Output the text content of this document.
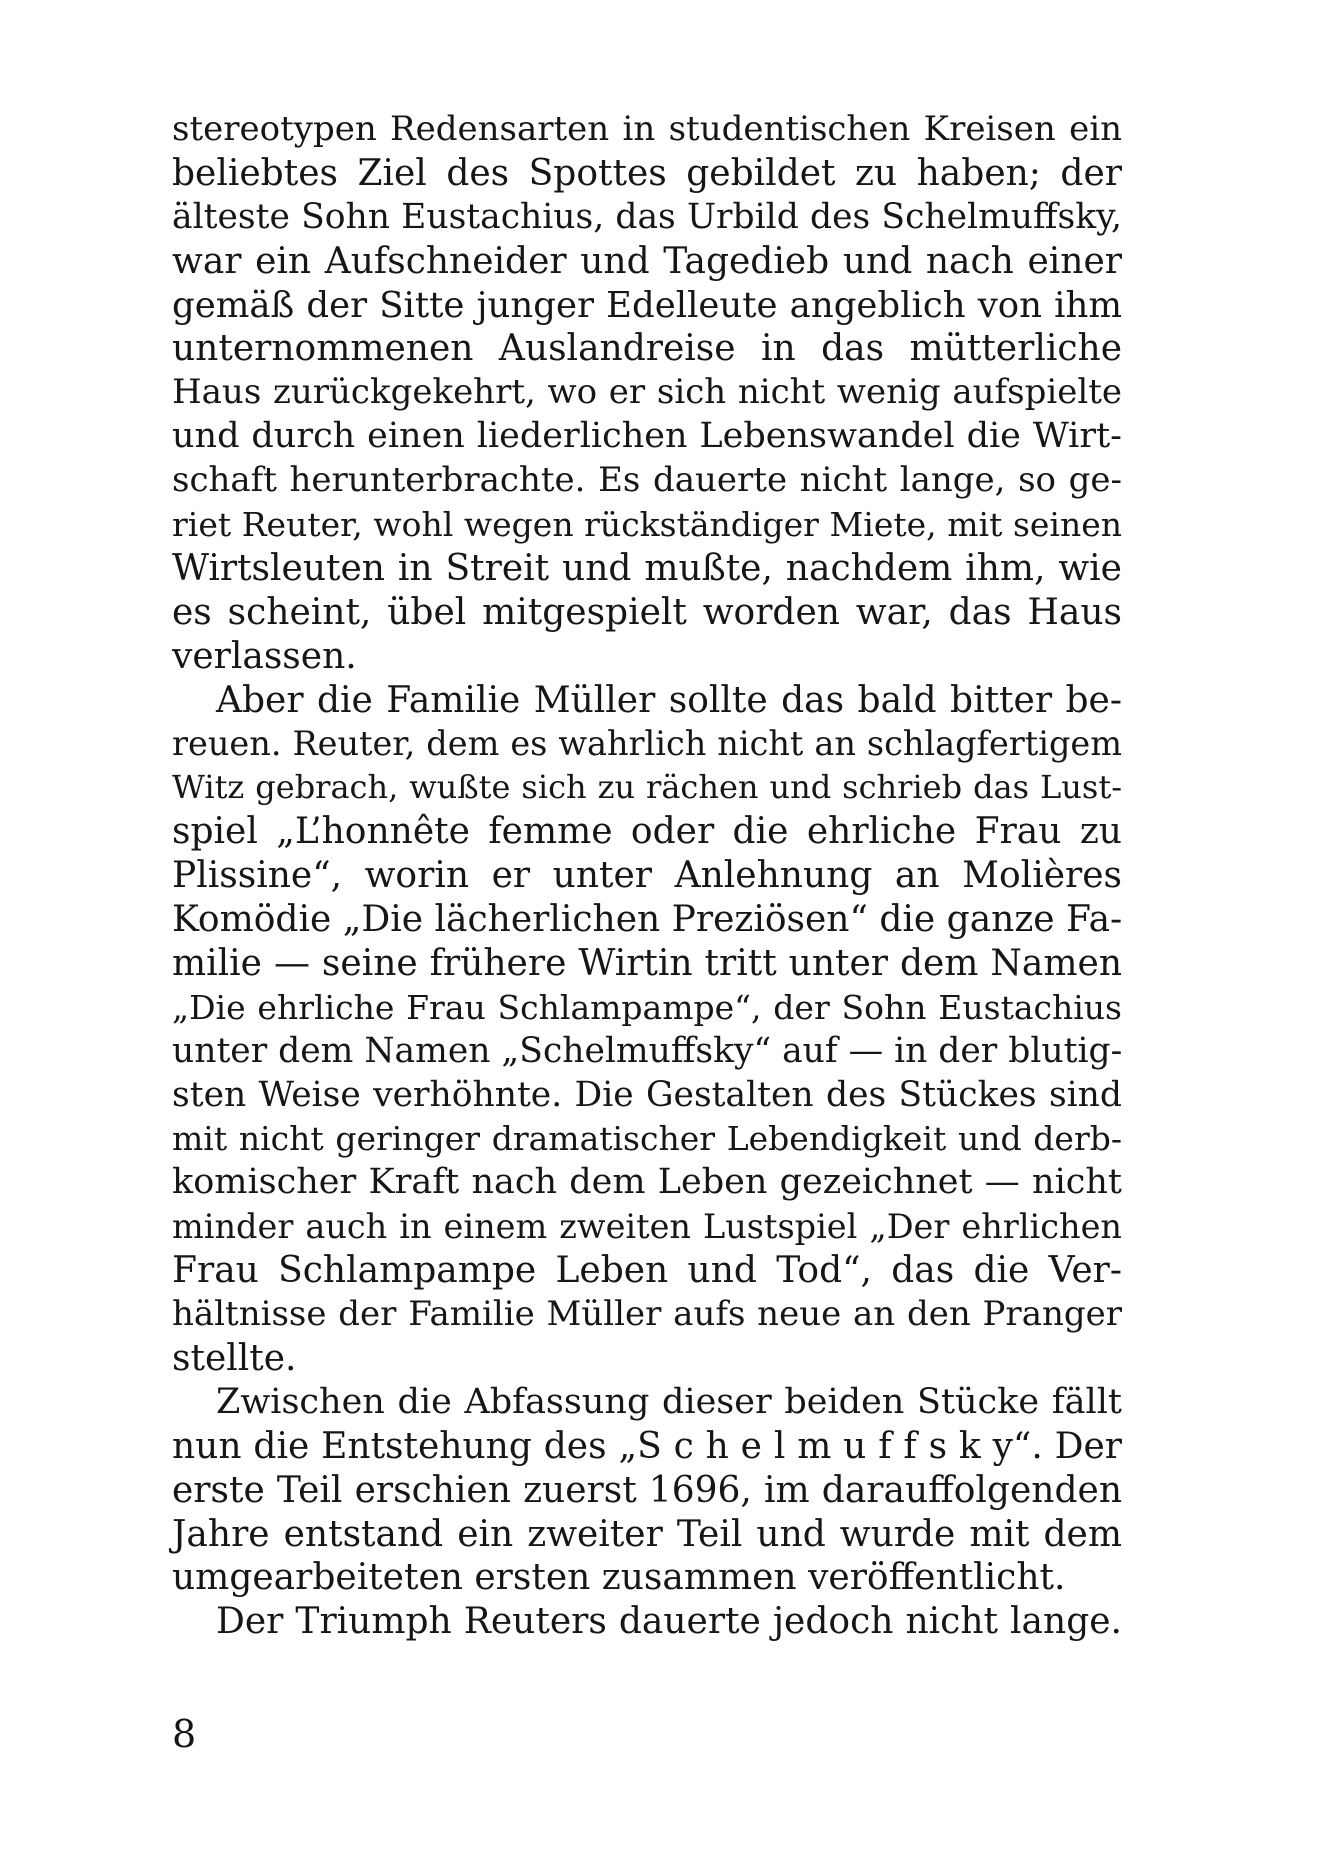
stereotypen Redensarten in studentischen Kreisen ein
beliebtes Ziel des Spottes gebildet zu haben; der
älteste Sohn Eustachius, das Urbild des Schelmuffsky,
war ein Aufschneider und Tagedieb und nach einer
gemäß der Sitte junger Edelleute angeblich von ihm
unternommenen Auslandreise in das mütterliche
Haus zurückgekehrt, wo er sich nicht wenig aufspielte
und durch einen liederlichen Lebenswandel die Wirt-
schaft herunterbrachte. Es dauerte nicht lange, so ge-
riet Reuter, wohl wegen rückständiger Miete, mit seinen
Wirtsleuten in Streit und mußte, nachdem ihm, wie
es scheint, übel mitgespielt worden war, das Haus
verlassen.
Aber die Familie Müller sollte das bald bitter be-
reuen. Reuter, dem es wahrlich nicht an schlagfertigem
Witz gebrach, wußte sich zu rächen und schrieb das Lust-
spiel „L’honnête femme oder die ehrliche Frau zu
Plissine“, worin er unter Anlehnung an Molières
Komödie „Die lächerlichen Preziösen“ die ganze Fa-
milie — seine frühere Wirtin tritt unter dem Namen
„Die ehrliche Frau Schlampampe“, der Sohn Eustachius
unter dem Namen „Schelmuffsky“ auf — in der blutig-
sten Weise verhöhnte. Die Gestalten des Stückes sind
mit nicht geringer dramatischer Lebendigkeit und derb-
komischer Kraft nach dem Leben gezeichnet — nicht
minder auch in einem zweiten Lustspiel „Der ehrlichen
Frau Schlampampe Leben und Tod“, das die Ver-
hältnisse der Familie Müller aufs neue an den Pranger
stellte.
Zwischen die Abfassung dieser beiden Stücke fällt
nun die Entstehung des „S c h e l m u f f s k y“. Der
erste Teil erschien zuerst 1696, im darauffolgenden
Jahre entstand ein zweiter Teil und wurde mit dem
umgearbeiteten ersten zusammen veröffentlicht.
Der Triumph Reuters dauerte jedoch nicht lange.
8
